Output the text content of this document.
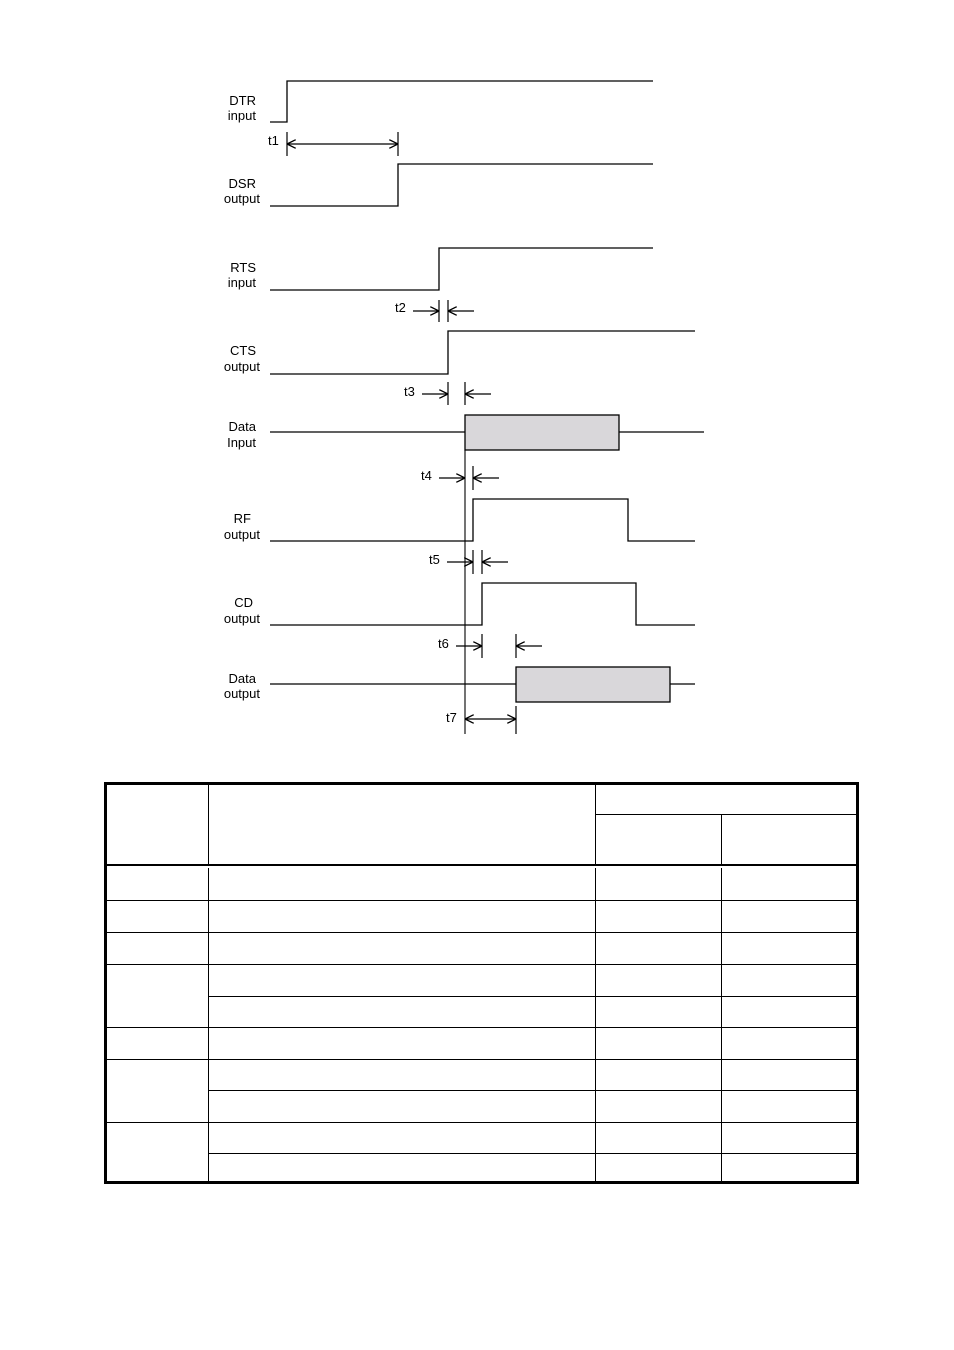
DTR
input
DSR
output
RTS
input
CTS
output
Data
Input
RF
output
CD
output
Data
output
t1
t2
t3
t4
t5
t6
t7
